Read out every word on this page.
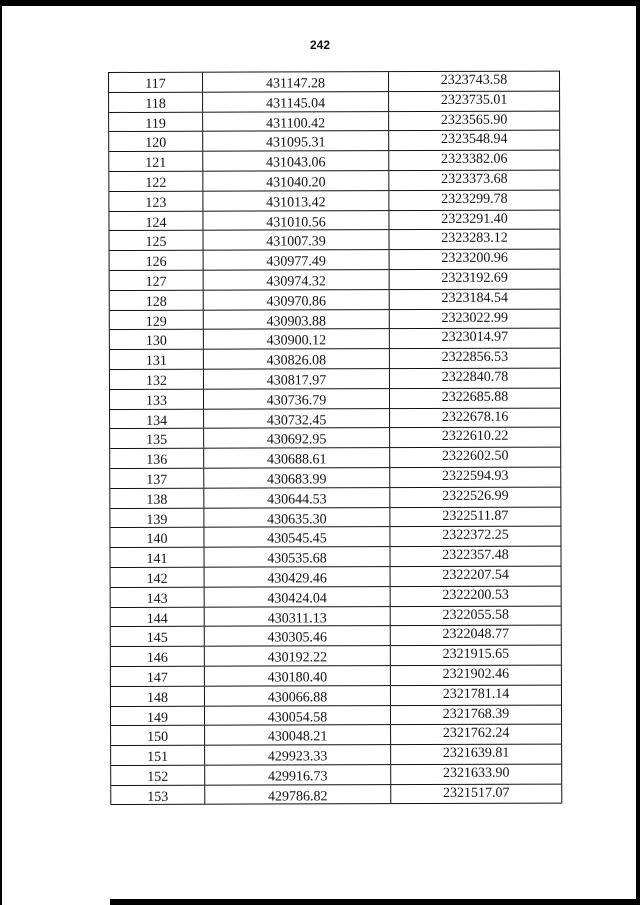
242
117	431147.28	2323743.58
118	431145.04	2323735.01
119	431100.42	2323565.90
120	431095.31	2323548.94
121	431043.06	2323382.06
122	431040.20	2323373.68
123	431013.42	2323299.78
124	431010.56	2323291.40
125	431007.39	2323283.12
126	430977.49	2323200.96
127	430974.32	2323192.69
128	430970.86	2323184.54
129	430903.88	2323022.99
130	430900.12	2323014.97
131	430826.08	2322856.53
132	430817.97	2322840.78
133	430736.79	2322685.88
134	430732.45	2322678.16
135	430692.95	2322610.22
136	430688.61	2322602.50
137	430683.99	2322594.93
138	430644.53	2322526.99
139	430635.30	2322511.87
140	430545.45	2322372.25
141	430535.68	2322357.48
142	430429.46	2322207.54
143	430424.04	2322200.53
144	430311.13	2322055.58
145	430305.46	2322048.77
146	430192.22	2321915.65
147	430180.40	2321902.46
148	430066.88	2321781.14
149	430054.58	2321768.39
150	430048.21	2321762.24
151	429923.33	2321639.81
152	429916.73	2321633.90
153	429786.82	2321517.07
